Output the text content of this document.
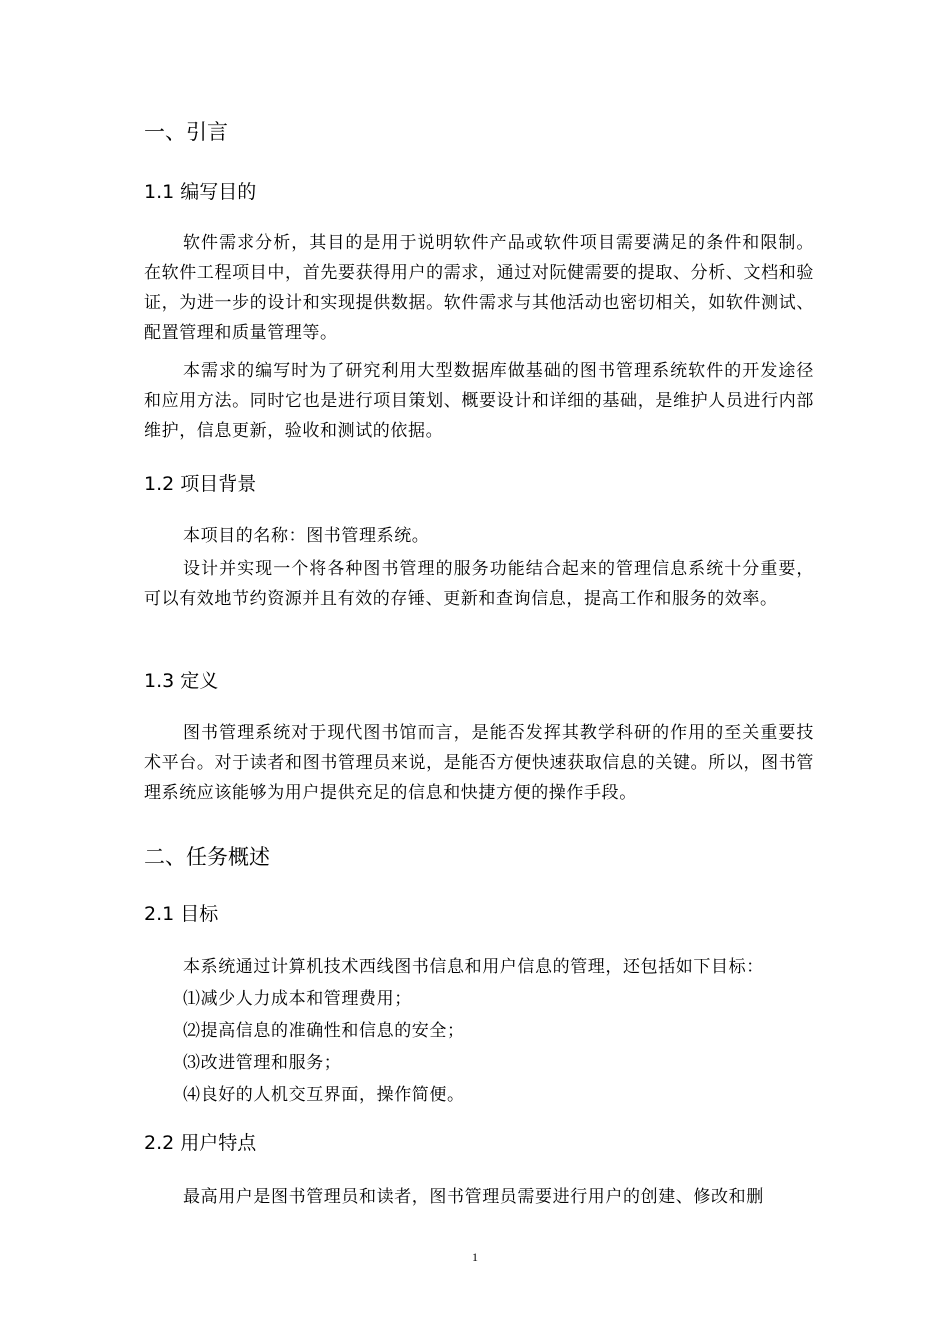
一、引言
1.1 编写目的

软件需求分析，其目的是用于说明软件产品或软件项目需要满足的条件和限制。在软件工程项目中，首先要获得用户的需求，通过对阮健需要的提取、分析、文档和验证，为进一步的设计和实现提供数据。软件需求与其他活动也密切相关，如软件测试、配置管理和质量管理等。

本需求的编写时为了研究利用大型数据库做基础的图书管理系统软件的开发途径和应用方法。同时它也是进行项目策划、概要设计和详细的基础，是维护人员进行内部维护，信息更新，验收和测试的依据。

1.2 项目背景

本项目的名称：图书管理系统。

设计并实现一个将各种图书管理的服务功能结合起来的管理信息系统十分重要，可以有效地节约资源并且有效的存锤、更新和查询信息，提高工作和服务的效率。

1.3 定义

图书管理系统对于现代图书馆而言，是能否发挥其教学科研的作用的至关重要技术平台。对于读者和图书管理员来说，是能否方便快速获取信息的关键。所以，图书管理系统应该能够为用户提供充足的信息和快捷方便的操作手段。

二、任务概述
2.1 目标

本系统通过计算机技术西线图书信息和用户信息的管理，还包括如下目标：

⑴减少人力成本和管理费用；

⑵提高信息的准确性和信息的安全；

⑶改进管理和服务；

⑷良好的人机交互界面，操作简便。

2.2 用户特点

最高用户是图书管理员和读者，图书管理员需要进行用户的创建、修改和删

1
